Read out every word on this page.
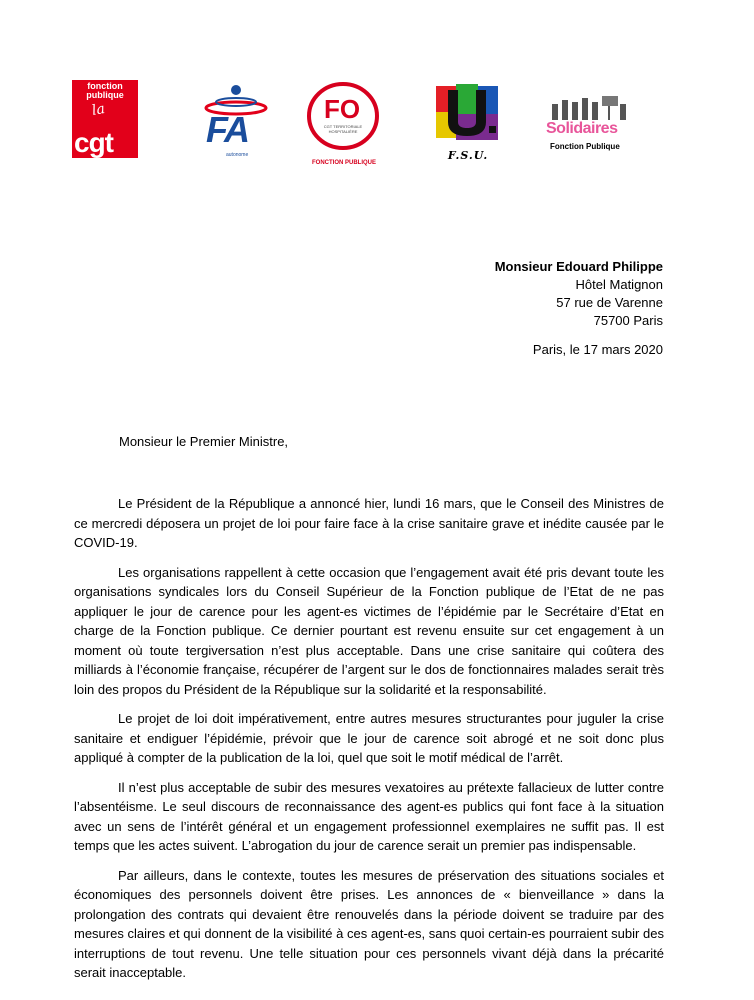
fonction publique
la
cgt	FA
autonome
FO
CGT TERRITORIALE HOSPITALIÈRE
FONCTION PUBLIQUE
F.S.U.
Solidaires
Fonction Publique
Monsieur Edouard Philippe
Hôtel Matignon
57 rue de Varenne
75700 Paris
Paris, le 17 mars 2020
Monsieur le Premier Ministre,

Le Président de la République a annoncé hier, lundi 16 mars, que le Conseil des Ministres de ce mercredi déposera un projet de loi pour faire face à la crise sanitaire grave et inédite causée par le COVID-19.

Les organisations rappellent à cette occasion que l’engagement avait été pris devant toute les organisations syndicales lors du Conseil Supérieur de la Fonction publique de l’Etat de ne pas appliquer le jour de carence pour les agent-es victimes de l’épidémie par le Secrétaire d’Etat en charge de la Fonction publique. Ce dernier pourtant est revenu ensuite sur cet engagement à un moment où toute tergiversation n’est plus acceptable. Dans une crise sanitaire qui coûtera des milliards à l’économie française, récupérer de l’argent sur le dos de fonctionnaires malades serait très loin des propos du Président de la République sur la solidarité et la responsabilité.

Le projet de loi doit impérativement, entre autres mesures structurantes pour juguler la crise sanitaire et endiguer l’épidémie, prévoir que le jour de carence soit abrogé et ne soit donc plus appliqué à compter de la publication de la loi, quel que soit le motif médical de l’arrêt.

Il n’est plus acceptable de subir des mesures vexatoires au prétexte fallacieux de lutter contre l’absentéisme. Le seul discours de reconnaissance des agent-es publics qui font face à la situation avec un sens de l’intérêt général et un engagement professionnel exemplaires ne suffit pas. Il est temps que les actes suivent. L’abrogation du jour de carence serait un premier pas indispensable.

Par ailleurs, dans le contexte, toutes les mesures de préservation des situations sociales et économiques des personnels doivent être prises. Les annonces de « bienveillance » dans la prolongation des contrats qui devaient être renouvelés dans la période doivent se traduire par des mesures claires et qui donnent de la visibilité à ces agent-es, sans quoi certain-es pourraient subir des interruptions de tout revenu. Une telle situation pour ces personnels vivant déjà dans la précarité serait inacceptable.
